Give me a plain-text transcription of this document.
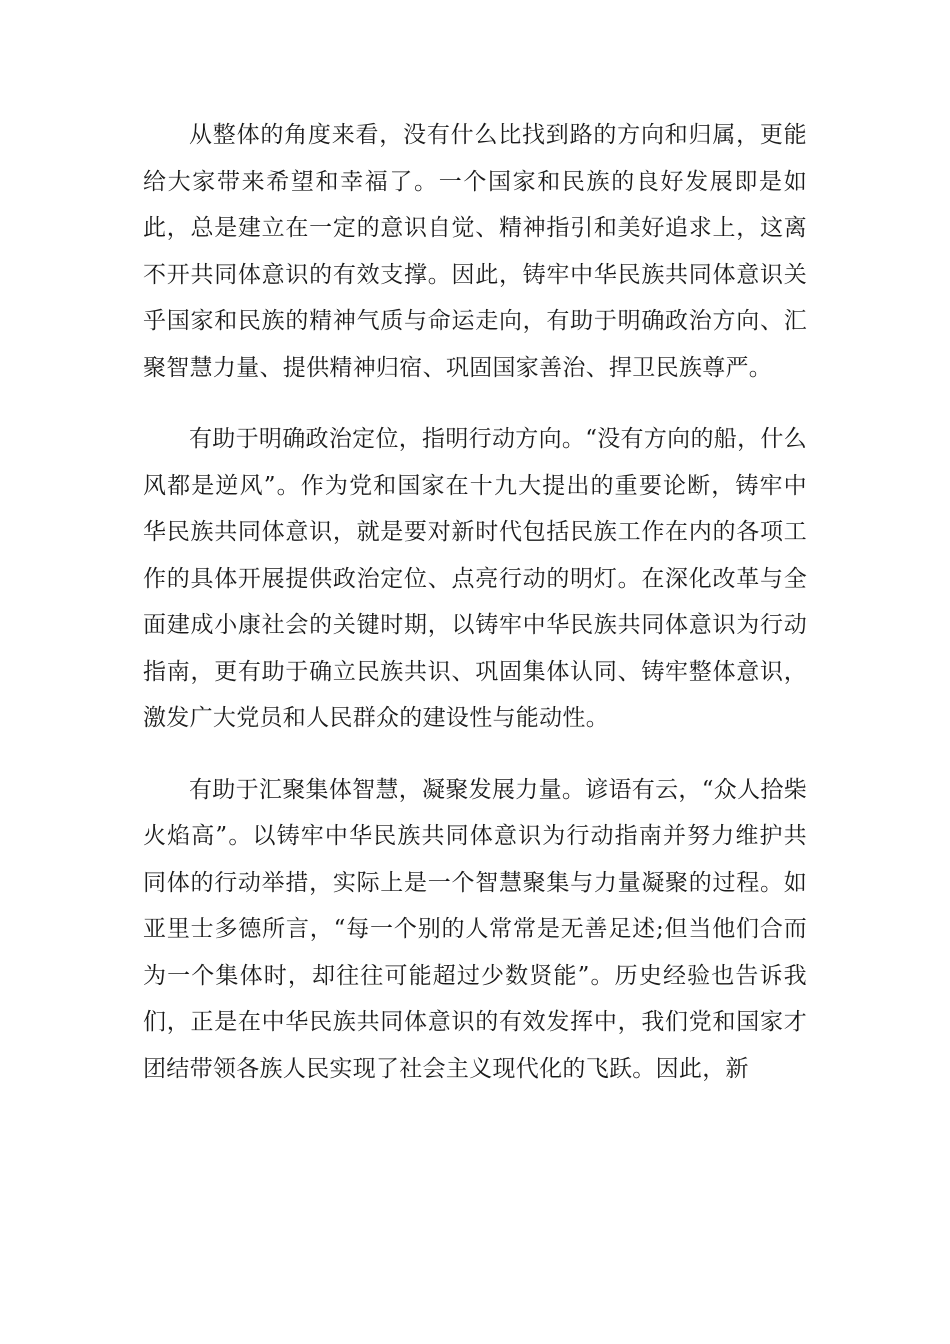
从整体的角度来看，没有什么比找到路的方向和归属，更能给大家带来希望和幸福了。一个国家和民族的良好发展即是如此，总是建立在一定的意识自觉、精神指引和美好追求上，这离不开共同体意识的有效支撑。因此，铸牢中华民族共同体意识关乎国家和民族的精神气质与命运走向，有助于明确政治方向、汇聚智慧力量、提供精神归宿、巩固国家善治、捍卫民族尊严。

有助于明确政治定位，指明行动方向。“没有方向的船，什么风都是逆风”。作为党和国家在十九大提出的重要论断，铸牢中华民族共同体意识，就是要对新时代包括民族工作在内的各项工作的具体开展提供政治定位、点亮行动的明灯。在深化改革与全面建成小康社会的关键时期，以铸牢中华民族共同体意识为行动指南，更有助于确立民族共识、巩固集体认同、铸牢整体意识，激发广大党员和人民群众的建设性与能动性。

有助于汇聚集体智慧，凝聚发展力量。谚语有云，“众人拾柴火焰高”。以铸牢中华民族共同体意识为行动指南并努力维护共同体的行动举措，实际上是一个智慧聚集与力量凝聚的过程。如亚里士多德所言，“每一个别的人常常是无善足述;但当他们合而为一个集体时，却往往可能超过少数贤能”。历史经验也告诉我们，正是在中华民族共同体意识的有效发挥中，我们党和国家才团结带领各族人民实现了社会主义现代化的飞跃。因此，新
